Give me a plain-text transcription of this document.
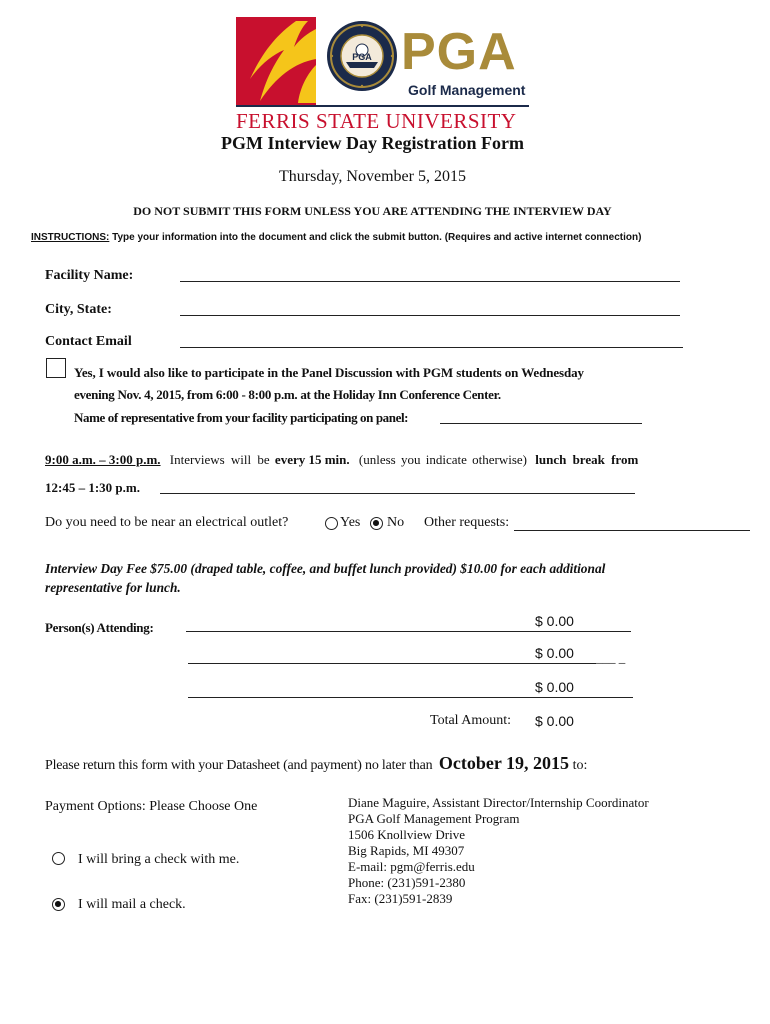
PGA PGA
Golf Management
FERRIS STATE UNIVERSITY
PGM Interview Day Registration Form
Thursday, November 5, 2015
DO NOT SUBMIT THIS FORM UNLESS YOU ARE ATTENDING THE INTERVIEW DAY
INSTRUCTIONS: Type your information into the document and click the submit button. (Requires and active internet connection)
Facility Name:
City, State:
Contact Email
Yes, I would also like to participate in the Panel Discussion with PGM students on Wednesday
evening Nov. 4, 2015, from 6:00 - 8:00 p.m. at the Holiday Inn Conference Center.
Name of representative from your facility participating on panel:
9:00 a.m. – 3:00 p.m. Interviews will be every 15 min. (unless you indicate otherwise) lunch break from
12:45 – 1:30 p.m.
Do you need to be near an electrical outlet?	Yes No Other requests:
Interview Day Fee $75.00 (draped table, coffee, and buffet lunch provided) $10.00 for each additional
representative for lunch.
Person(s) Attending:	$ 0.00
$ 0.00 ___ _
$ 0.00
Total Amount: $ 0.00
Please return this form with your Datasheet (and payment) no later than October 19, 2015 to:
Payment Options: Please Choose One
I will bring a check with me.
I will mail a check.
Diane Maguire, Assistant Director/Internship Coordinator
PGA Golf Management Program
1506 Knollview Drive
Big Rapids, MI 49307
E-mail: pgm@ferris.edu
Phone: (231)591-2380
Fax: (231)591-2839
